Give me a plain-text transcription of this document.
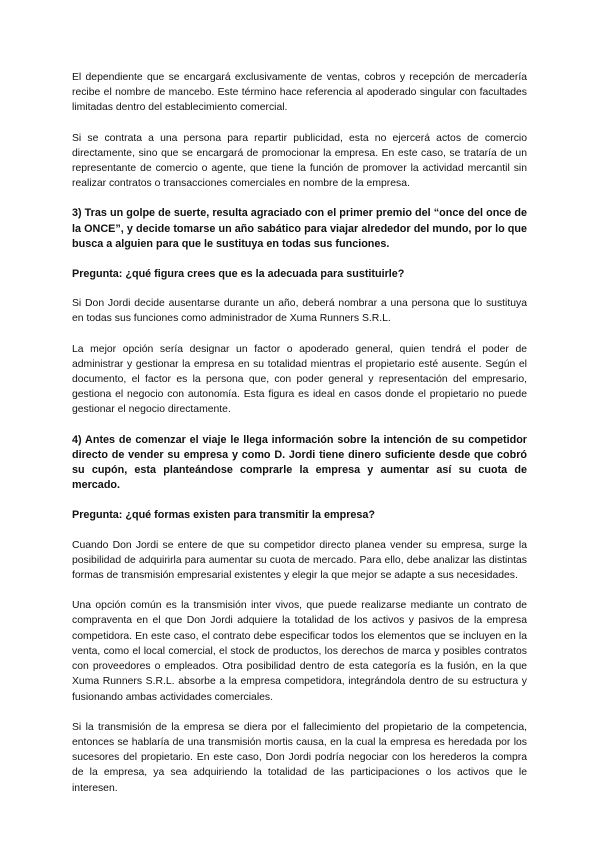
El dependiente que se encargará exclusivamente de ventas, cobros y recepción de mercadería recibe el nombre de mancebo. Este término hace referencia al apoderado singular con facultades limitadas dentro del establecimiento comercial.

Si se contrata a una persona para repartir publicidad, esta no ejercerá actos de comercio directamente, sino que se encargará de promocionar la empresa. En este caso, se trataría de un representante de comercio o agente, que tiene la función de promover la actividad mercantil sin realizar contratos o transacciones comerciales en nombre de la empresa.

3) Tras un golpe de suerte, resulta agraciado con el primer premio del “once del once de la ONCE”, y decide tomarse un año sabático para viajar alrededor del mundo, por lo que busca a alguien para que le sustituya en todas sus funciones.

Pregunta: ¿qué figura crees que es la adecuada para sustituirle?

Si Don Jordi decide ausentarse durante un año, deberá nombrar a una persona que lo sustituya en todas sus funciones como administrador de Xuma Runners S.R.L.

La mejor opción sería designar un factor o apoderado general, quien tendrá el poder de administrar y gestionar la empresa en su totalidad mientras el propietario esté ausente. Según el documento, el factor es la persona que, con poder general y representación del empresario, gestiona el negocio con autonomía. Esta figura es ideal en casos donde el propietario no puede gestionar el negocio directamente.

4) Antes de comenzar el viaje le llega información sobre la intención de su competidor directo de vender su empresa y como D. Jordi tiene dinero suficiente desde que cobró su cupón, esta planteándose comprarle la empresa y aumentar así su cuota de mercado.

Pregunta: ¿qué formas existen para transmitir la empresa?

Cuando Don Jordi se entere de que su competidor directo planea vender su empresa, surge la posibilidad de adquirirla para aumentar su cuota de mercado. Para ello, debe analizar las distintas formas de transmisión empresarial existentes y elegir la que mejor se adapte a sus necesidades.

Una opción común es la transmisión inter vivos, que puede realizarse mediante un contrato de compraventa en el que Don Jordi adquiere la totalidad de los activos y pasivos de la empresa competidora. En este caso, el contrato debe especificar todos los elementos que se incluyen en la venta, como el local comercial, el stock de productos, los derechos de marca y posibles contratos con proveedores o empleados. Otra posibilidad dentro de esta categoría es la fusión, en la que Xuma Runners S.R.L. absorbe a la empresa competidora, integrándola dentro de su estructura y fusionando ambas actividades comerciales.

Si la transmisión de la empresa se diera por el fallecimiento del propietario de la competencia, entonces se hablaría de una transmisión mortis causa, en la cual la empresa es heredada por los sucesores del propietario. En este caso, Don Jordi podría negociar con los herederos la compra de la empresa, ya sea adquiriendo la totalidad de las participaciones o los activos que le interesen.
